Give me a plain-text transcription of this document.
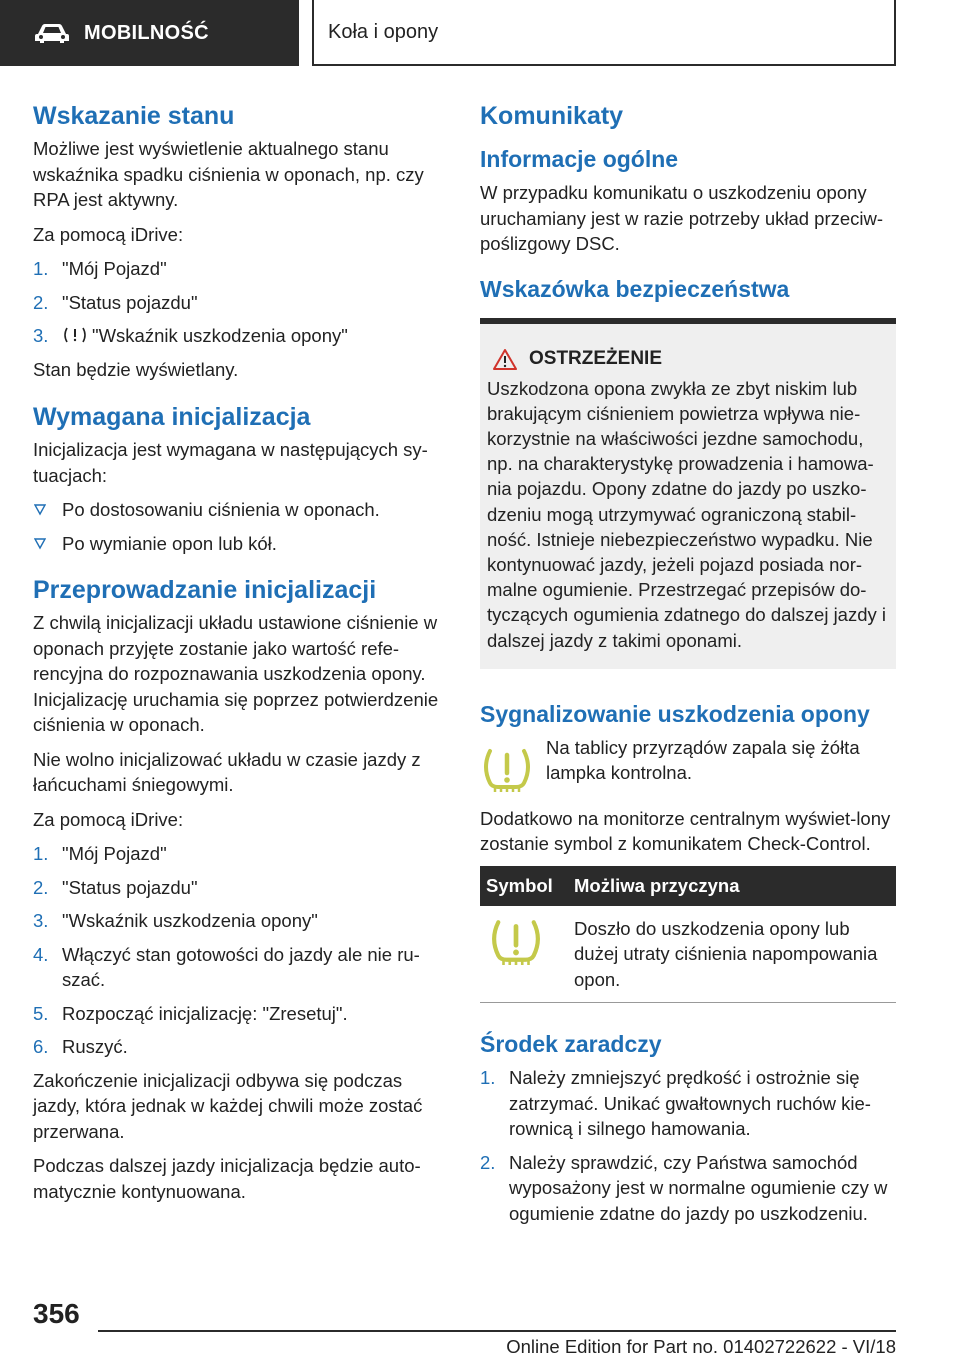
MOBILNOŚĆ	Koła i opony
Wskazanie stanu

Możliwe jest wyświetlenie aktualnego stanu wskaźnika spadku ciśnienia w oponach, np. czy RPA jest aktywny.

Za pomocą iDrive:

1. "Mój Pojazd"
2. "Status pojazdu"
3. "Wskaźnik uszkodzenia opony"

Stan będzie wyświetlany.

Wymagana inicjalizacja

Inicjalizacja jest wymagana w następujących sy-tuacjach:

Po dostosowaniu ciśnienia w oponach.
Po wymianie opon lub kół.
Przeprowadzanie inicjalizacji

Z chwilą inicjalizacji układu ustawione ciśnienie w oponach przyjęte zostanie jako wartość refe-rencyjna do rozpoznawania uszkodzenia opony. Inicjalizację uruchamia się poprzez potwierdzenie ciśnienia w oponach.

Nie wolno inicjalizować układu w czasie jazdy z łańcuchami śniegowymi.

Za pomocą iDrive:

1. "Mój Pojazd"
2. "Status pojazdu"
3. "Wskaźnik uszkodzenia opony"
4. Włączyć stan gotowości do jazdy ale nie ru-szać.
5. Rozpocząć inicjalizację: "Zresetuj".
6. Ruszyć.

Zakończenie inicjalizacji odbywa się podczas jazdy, która jednak w każdej chwili może zostać przerwana.

Podczas dalszej jazdy inicjalizacja będzie auto-matycznie kontynuowana.

Komunikaty
Informacje ogólne

W przypadku komunikatu o uszkodzeniu opony uruchamiany jest w razie potrzeby układ przeciw-poślizgowy DSC.

Wskazówka bezpieczeństwa
OSTRZEŻENIE

Uszkodzona opona zwykła ze zbyt niskim lub brakującym ciśnieniem powietrza wpływa nie-korzystnie na właściwości jezdne samochodu, np. na charakterystykę prowadzenia i hamowa-nia pojazdu. Opony zdatne do jazdy po uszko-dzeniu mogą utrzymywać ograniczoną stabil-ność. Istnieje niebezpieczeństwo wypadku. Nie kontynuować jazdy, jeżeli pojazd posiada nor-malne ogumienie. Przestrzegać przepisów do-tyczących ogumienia zdatnego do dalszej jazdy i dalszej jazdy z takimi oponami.

Sygnalizowanie uszkodzenia opony

Na tablicy przyrządów zapala się żółta lampka kontrolna.

Dodatkowo na monitorze centralnym wyświet-lony zostanie symbol z komunikatem Check-Control.

Symbol	Możliwa przyczyna
	Doszło do uszkodzenia opony lub dużej utraty ciśnienia napompowania opon.
Środek zaradczy
1. Należy zmniejszyć prędkość i ostrożnie się zatrzymać. Unikać gwałtownych ruchów kie-rownicą i silnego hamowania.
2. Należy sprawdzić, czy Państwa samochód wyposażony jest w normalne ogumienie czy w ogumienie zdatne do jazdy po uszkodzeniu.
356
Online Edition for Part no. 01402722622 - VI/18
